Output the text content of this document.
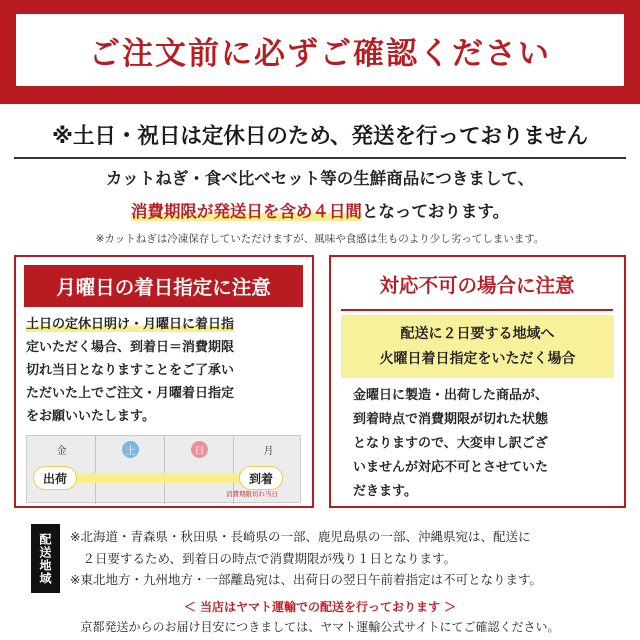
ご注文前に必ずご確認ください
※土日・祝日は定休日のため、発送を行っておりません
カットねぎ・食べ比べセット等の生鮮商品につきまして、
消費期限が発送日を含め４日間となっております。
※カットねぎは冷凍保存していただけますが、風味や食感は生ものより少し劣ってしまいます。
月曜日の着日指定に注意
土日の定休日明け・月曜日に着日指
定いただく場合、到着日＝消費期限
切れ当日となりますことをご了承い
ただいた上でご注文・月曜着日指定
をお願いいたします。
金	土	日	月
出荷	到着
消費期限切れ当日
対応不可の場合に注意
配送に２日要する地域へ
火曜日着日指定をいただく場合
金曜日に製造・出荷した商品が、
到着時点で消費期限が切れた状態
となりますので、大変申し訳ござ
いませんが対応不可とさせていた
だきます。
配送地域 ※北海道・青森県・秋田県・長崎県の一部、鹿児島県の一部、沖縄県宛は、配送に
　２日要するため、到着日の時点で消費期限が残り１日となります。
※東北地方・九州地方・一部離島宛は、出荷日の翌日午前着指定は不可となります。
＜ 当店はヤマト運輸での配送を行っております ＞
京都発送からのお届け目安につきましては、ヤマト運輸公式サイトにてご確認ください。
